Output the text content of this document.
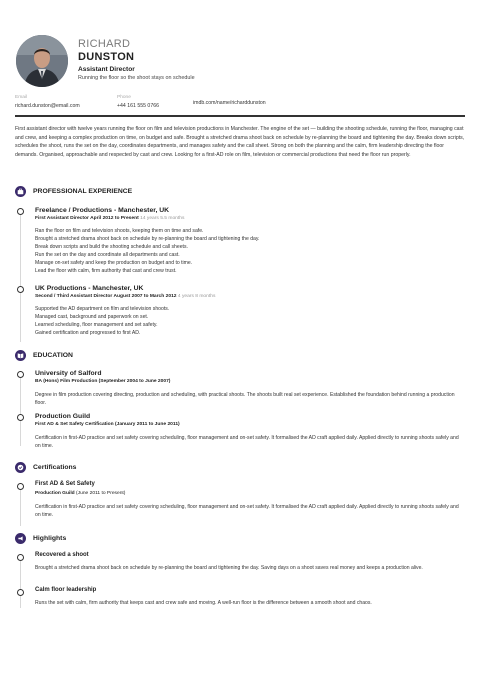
RICHARD
DUNSTON
Assistant Director
Running the floor so the shoot stays on schedule
Email
richard.dunston@email.com
Phone
+44 161 555 0766	imdb.com/name/richarddunston
First assistant director with twelve years running the floor on film and television productions in Manchester. The engine of the set — building the shooting schedule, running the floor, managing cast and crew, and keeping a complex production on time, on budget and safe. Brought a stretched drama shoot back on schedule by re-planning the board and tightening the day. Breaks down scripts, schedules the shoot, runs the set on the day, coordinates departments, and manages safety and the call sheet. Strong on both the planning and the calm, firm leadership directing the floor demands. Organised, approachable and respected by cast and crew. Looking for a first-AD role on film, television or commercial productions that need the floor run properly.
PROFESSIONAL EXPERIENCE
Freelance / Productions - Manchester, UK
First Assistant Director April 2012 to Present 14 years 5.5 months
Ran the floor on film and television shoots, keeping them on time and safe.
Brought a stretched drama shoot back on schedule by re-planning the board and tightening the day.
Break down scripts and build the shooting schedule and call sheets.
Run the set on the day and coordinate all departments and cast.
Manage on-set safety and keep the production on budget and to time.
Lead the floor with calm, firm authority that cast and crew trust.
UK Productions - Manchester, UK
Second / Third Assistant Director August 2007 to March 2012 4 years 8 months
Supported the AD department on film and television shoots.
Managed cast, background and paperwork on set.
Learned scheduling, floor management and set safety.
Gained certification and progressed to first AD.
EDUCATION
University of Salford
BA (Hons) Film Production (September 2004 to June 2007)
Degree in film production covering directing, production and scheduling, with practical shoots. The shoots built real set experience. Established the foundation behind running a production floor.
Production Guild
First AD & Set Safety Certification (January 2011 to June 2011)
Certification in first-AD practice and set safety covering scheduling, floor management and on-set safety. It formalised the AD craft applied daily. Applied directly to running shoots safely and on time.
Certifications
First AD & Set Safety
Production Guild (June 2011 to Present)
Certification in first-AD practice and set safety covering scheduling, floor management and on-set safety. It formalised the AD craft applied daily. Applied directly to running shoots safely and on time.
Highlights
Recovered a shoot
Brought a stretched drama shoot back on schedule by re-planning the board and tightening the day. Saving days on a shoot saves real money and keeps a production alive.
Calm floor leadership
Runs the set with calm, firm authority that keeps cast and crew safe and moving. A well-run floor is the difference between a smooth shoot and chaos.
